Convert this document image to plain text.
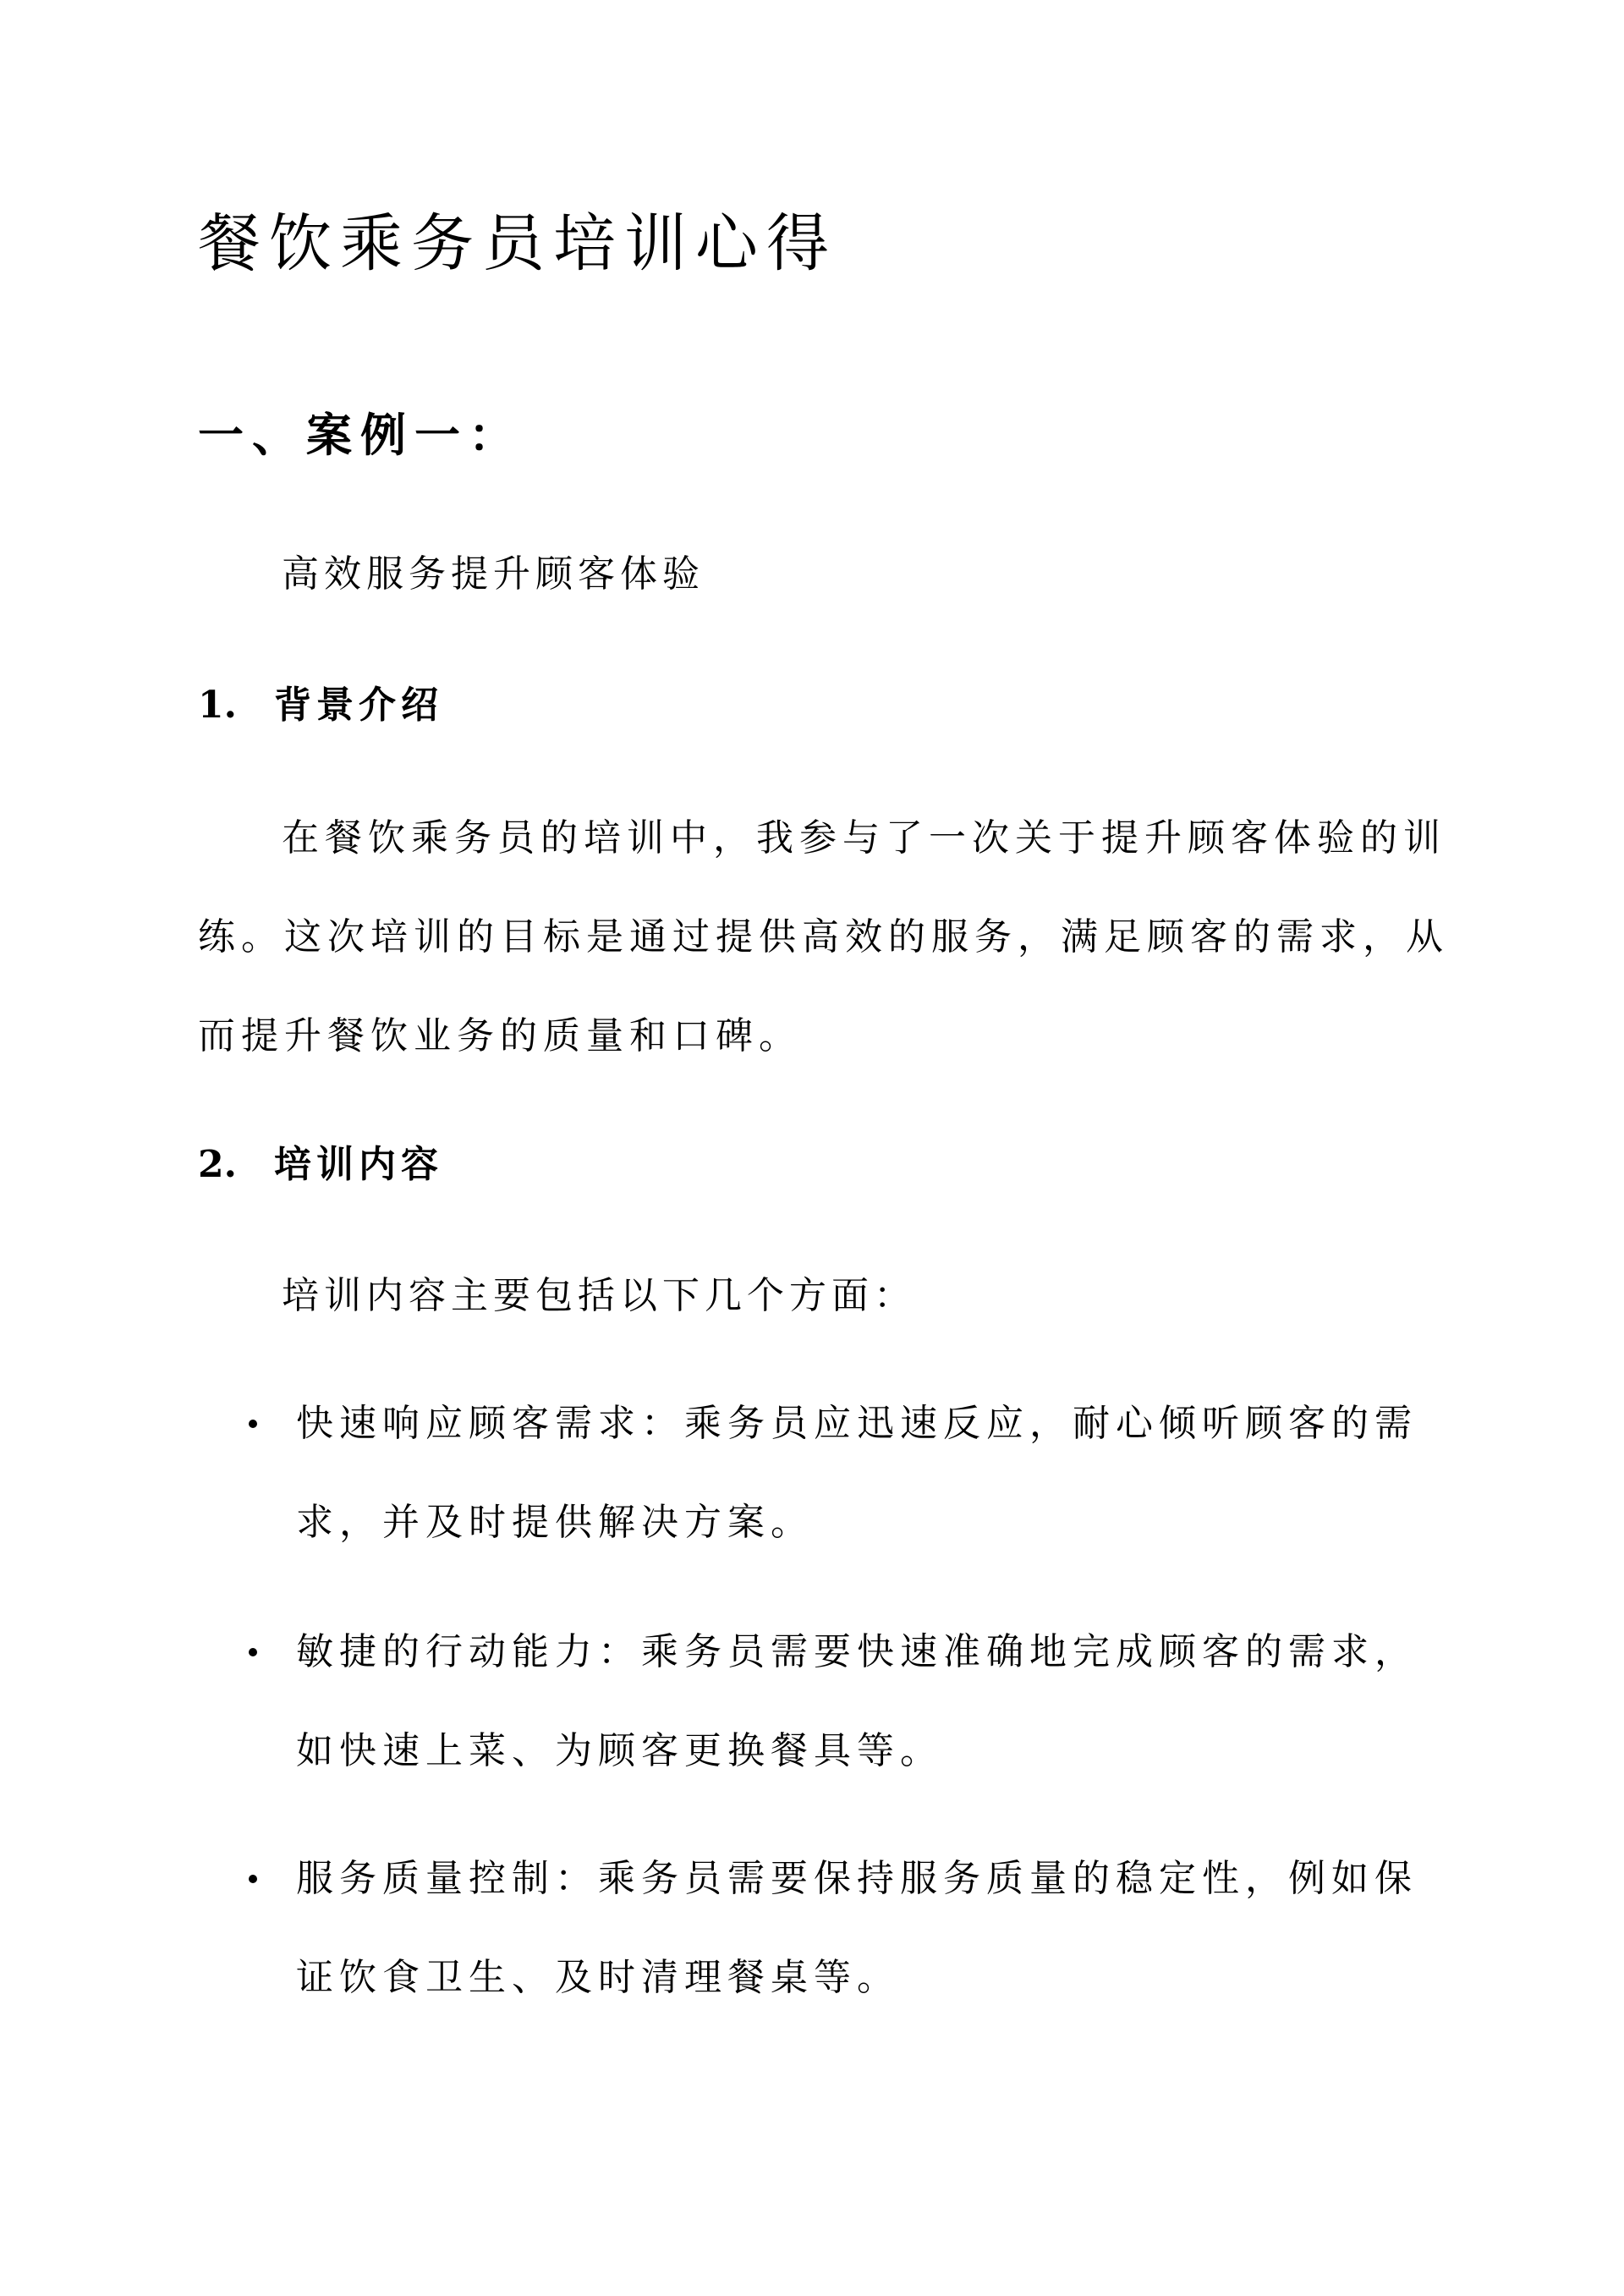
餐饮乘务员培训心得
一、案例一：
高效服务提升顾客体验
1. 背景介绍
在餐饮乘务员的培训中，我参与了一次关于提升顾客体验的训
练。这次培训的目标是通过提供高效的服务，满足顾客的需求，从
而提升餐饮业务的质量和口碑。
2. 培训内容
培训内容主要包括以下几个方面：
快速响应顾客需求：乘务员应迅速反应，耐心倾听顾客的需
求，并及时提供解决方案。
敏捷的行动能力：乘务员需要快速准确地完成顾客的需求，
如快速上菜、为顾客更换餐具等。
服务质量控制：乘务员需要保持服务质量的稳定性，例如保
证饮食卫生、及时清理餐桌等。
